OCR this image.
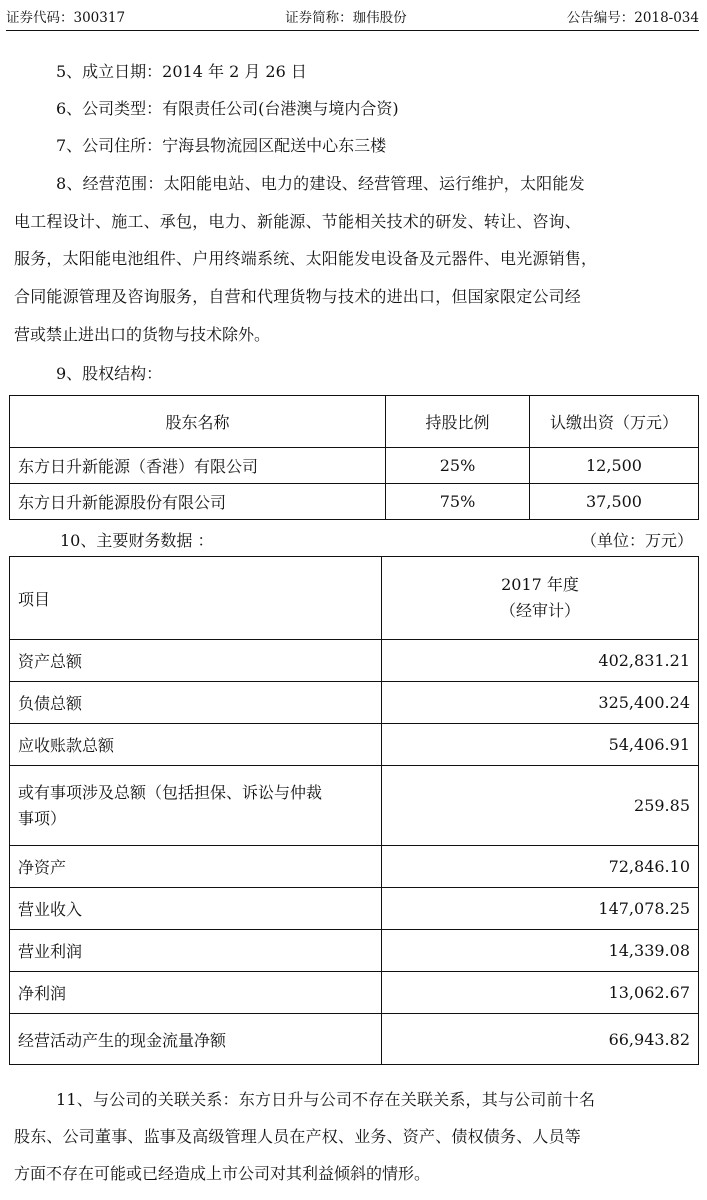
证券代码：300317	证券简称：珈伟股份	公告编号：2018-034
5、成立日期：2014 年 2 月 26 日
6、公司类型：有限责任公司(台港澳与境内合资)
7、公司住所：宁海县物流园区配送中心东三楼
8、经营范围：太阳能电站、电力的建设、经营管理、运行维护，太阳能发
电工程设计、施工、承包，电力、新能源、节能相关技术的研发、转让、咨询、
服务，太阳能电池组件、户用终端系统、太阳能发电设备及元器件、电光源销售，
合同能源管理及咨询服务，自营和代理货物与技术的进出口，但国家限定公司经
营或禁止进出口的货物与技术除外。
9、股权结构：
股东名称	持股比例	认缴出资（万元）
东方日升新能源（香港）有限公司	25%	12,500
东方日升新能源股份有限公司	75%	37,500
10、主要财务数据 ：	（单位：万元）
项目	2017 年度
（经审计）

资产总额	402,831.21
负债总额	325,400.24
应收账款总额	54,406.91

或有事项涉及总额（包括担保、诉讼与仲裁
事项）	259.85
净资产	72,846.10
营业收入	147,078.25
营业利润	14,339.08
净利润	13,062.67
经营活动产生的现金流量净额	66,943.82
11、与公司的关联关系：东方日升与公司不存在关联关系，其与公司前十名
股东、公司董事、监事及高级管理人员在产权、业务、资产、债权债务、人员等
方面不存在可能或已经造成上市公司对其利益倾斜的情形。
